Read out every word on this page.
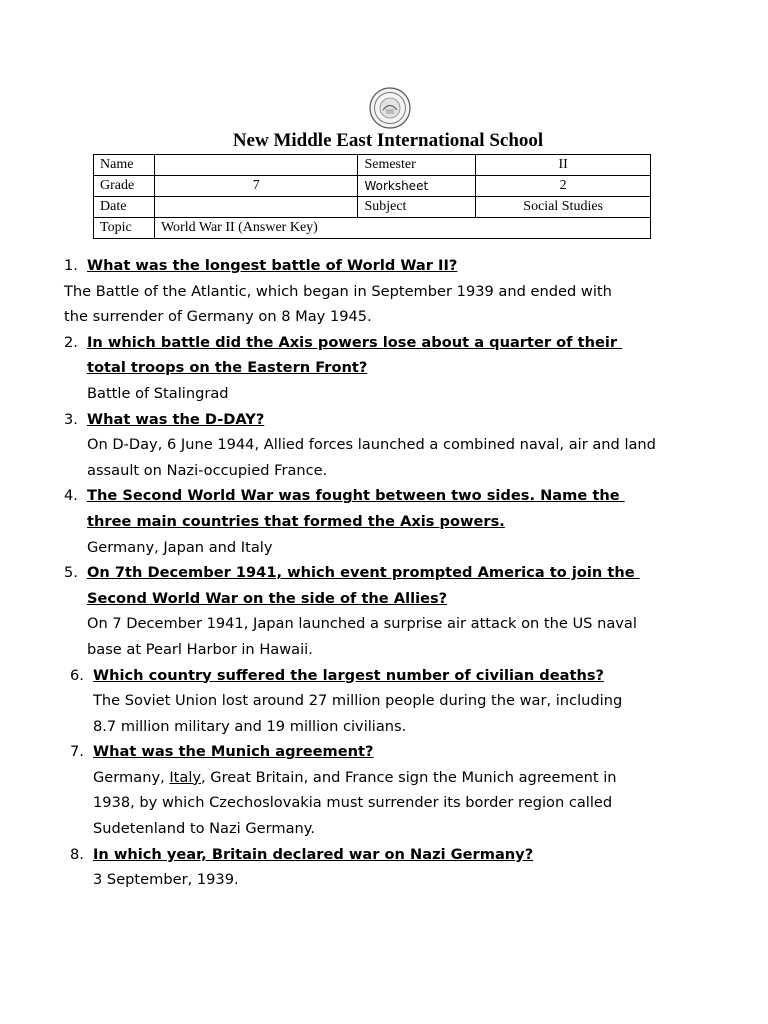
New Middle East International School
Name		Semester	II
Grade	7	Worksheet	2
Date		Subject	Social Studies
Topic	World War II (Answer Key)		
1. What was the longest battle of World War II?
The Battle of the Atlantic, which began in September 1939 and ended with
the surrender of Germany on 8 May 1945.
2. In which battle did the Axis powers lose about a quarter of their
total troops on the Eastern Front?
Battle of Stalingrad
3. What was the D-DAY?
On D-Day, 6 June 1944, Allied forces launched a combined naval, air and land
assault on Nazi-occupied France.
4. The Second World War was fought between two sides. Name the
three main countries that formed the Axis powers.
Germany, Japan and Italy
5. On 7th December 1941, which event prompted America to join the
Second World War on the side of the Allies?
On 7 December 1941, Japan launched a surprise air attack on the US naval
base at Pearl Harbor in Hawaii.
6. Which country suffered the largest number of civilian deaths?
The Soviet Union lost around 27 million people during the war, including
8.7 million military and 19 million civilians.
7. What was the Munich agreement?
Germany, Italy, Great Britain, and France sign the Munich agreement in
1938, by which Czechoslovakia must surrender its border region called
Sudetenland to Nazi Germany.
8. In which year, Britain declared war on Nazi Germany?
3 September, 1939.
